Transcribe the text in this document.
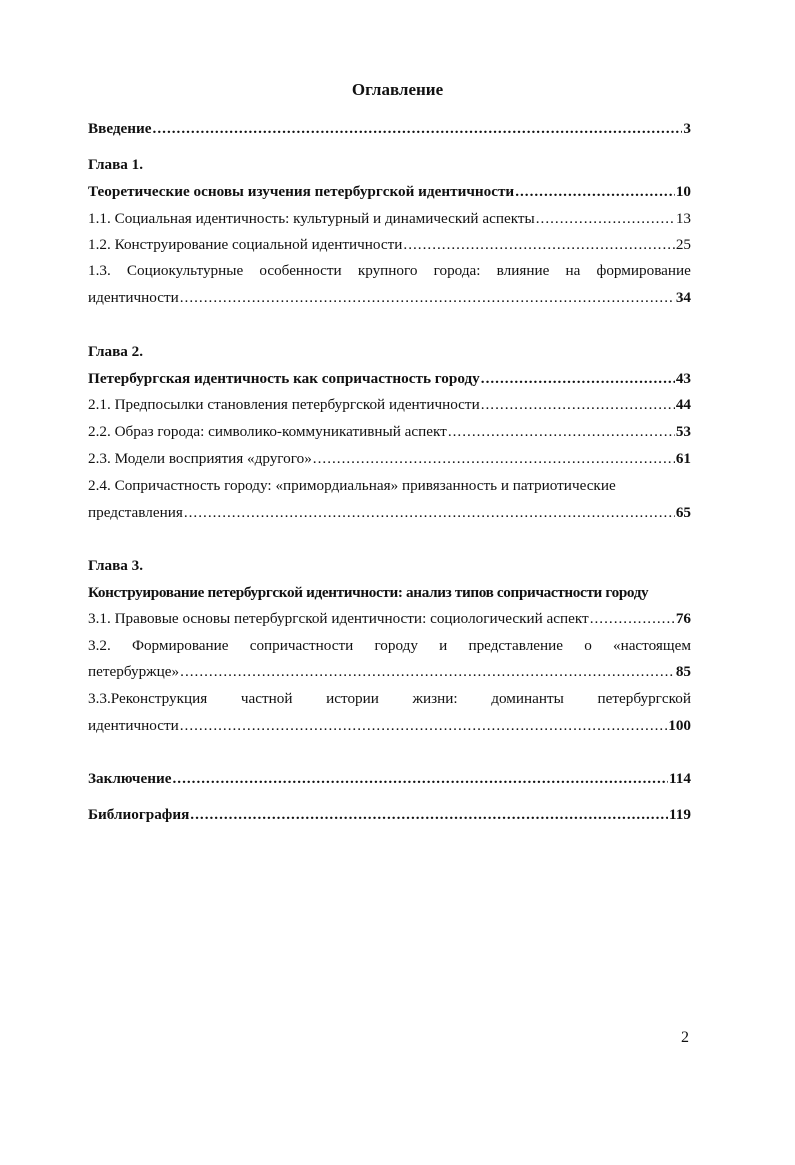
Оглавление
Введение .....	3
Глава 1.
Теоретические основы изучения петербургской идентичности .....	10
1.1. Социальная идентичность: культурный и динамический аспекты .....	13
1.2. Конструирование социальной идентичности .....	25
1.3. Социокультурные особенности крупного города: влияние на формирование
идентичности .....	34
Глава 2.
Петербургская идентичность как сопричастность городу .....	43
2.1. Предпосылки становления петербургской идентичности .....	44
2.2. Образ города: символико-коммуникативный аспект .....	53
2.3. Модели восприятия «другого» .....	61
2.4. Сопричастность городу: «примордиальная» привязанность и патриотические
представления .....	65
Глава 3.
Конструирование петербургской идентичности: анализ типов сопричастности городу
3.1. Правовые основы петербургской идентичности: социологический аспект .....	76
3.2. Формирование сопричастности городу и представление о «настоящем
петербуржце» .....	85
3.3.Реконструкция частной истории жизни: доминанты петербургской
идентичности .....	100
Заключение .....	114
Библиография .....	119
2
